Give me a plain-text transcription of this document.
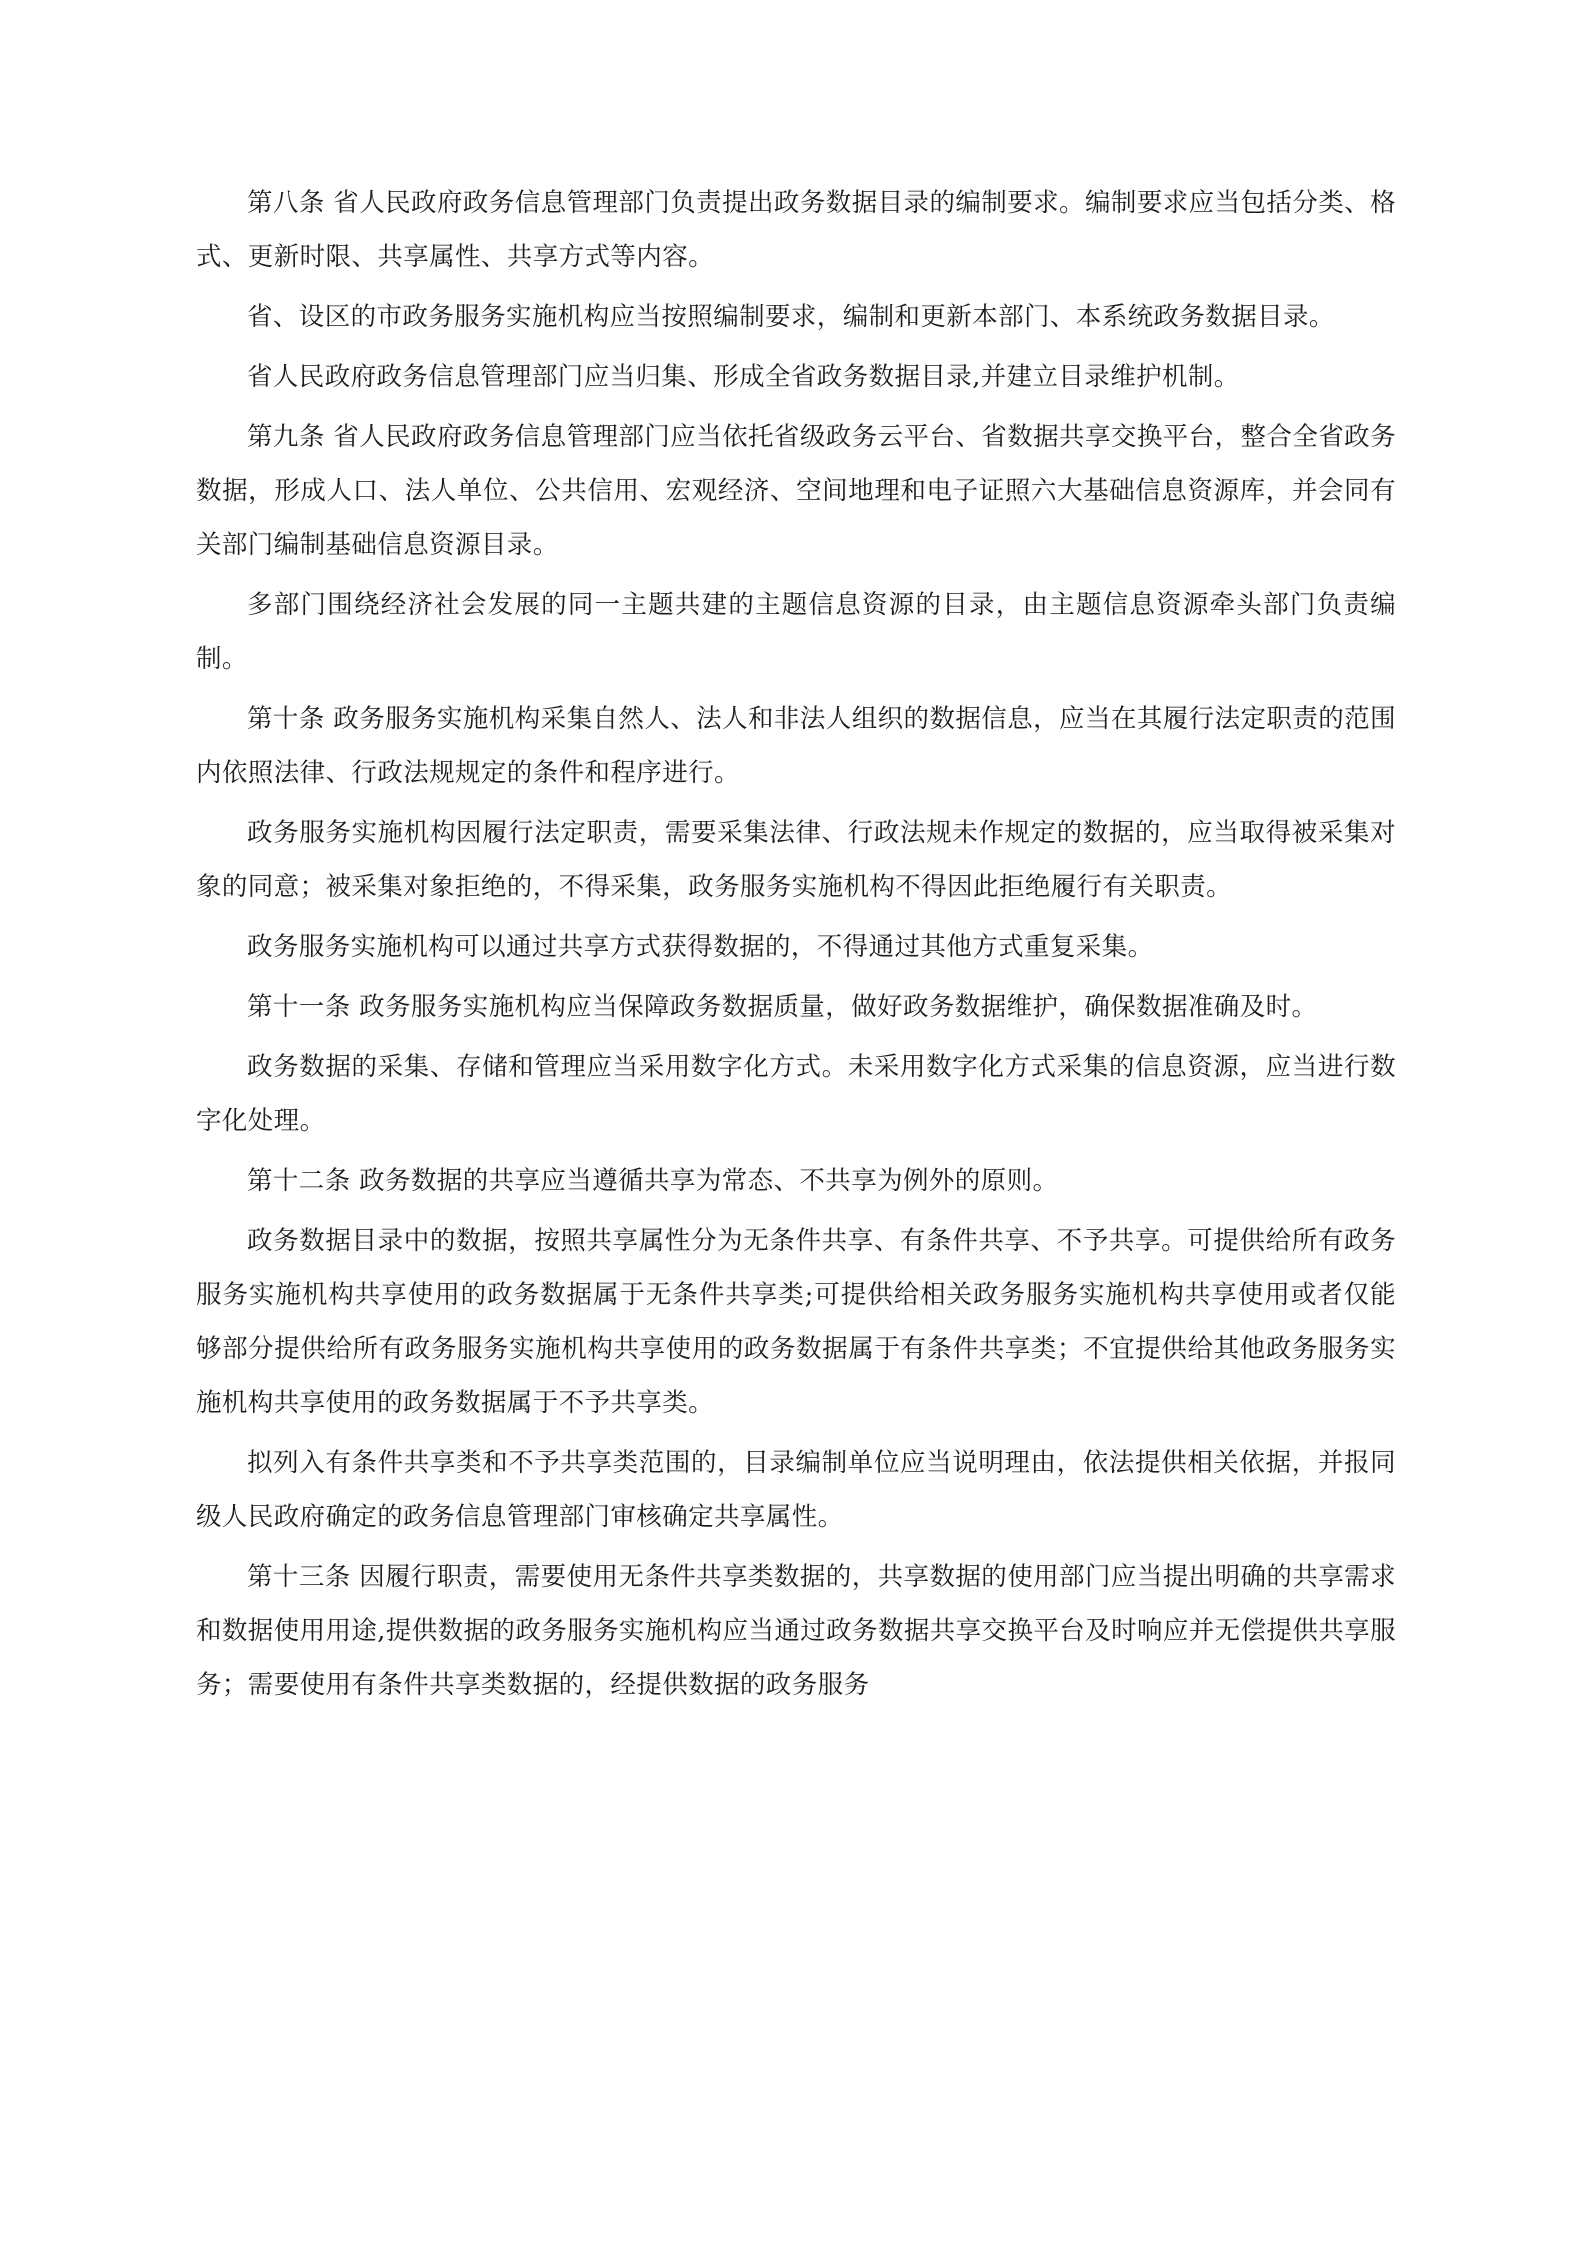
第八条 省人民政府政务信息管理部门负责提出政务数据目录的编制要求。编制要求应当包括分类、格式、更新时限、共享属性、共享方式等内容。

省、设区的市政务服务实施机构应当按照编制要求，编制和更新本部门、本系统政务数据目录。

省人民政府政务信息管理部门应当归集、形成全省政务数据目录,并建立目录维护机制。

第九条 省人民政府政务信息管理部门应当依托省级政务云平台、省数据共享交换平台，整合全省政务数据，形成人口、法人单位、公共信用、宏观经济、空间地理和电子证照六大基础信息资源库，并会同有关部门编制基础信息资源目录。

多部门围绕经济社会发展的同一主题共建的主题信息资源的目录，由主题信息资源牵头部门负责编制。

第十条 政务服务实施机构采集自然人、法人和非法人组织的数据信息，应当在其履行法定职责的范围内依照法律、行政法规规定的条件和程序进行。

政务服务实施机构因履行法定职责，需要采集法律、行政法规未作规定的数据的，应当取得被采集对象的同意；被采集对象拒绝的，不得采集，政务服务实施机构不得因此拒绝履行有关职责。

政务服务实施机构可以通过共享方式获得数据的，不得通过其他方式重复采集。

第十一条 政务服务实施机构应当保障政务数据质量，做好政务数据维护，确保数据准确及时。

政务数据的采集、存储和管理应当采用数字化方式。未采用数字化方式采集的信息资源，应当进行数字化处理。

第十二条 政务数据的共享应当遵循共享为常态、不共享为例外的原则。

政务数据目录中的数据，按照共享属性分为无条件共享、有条件共享、不予共享。可提供给所有政务服务实施机构共享使用的政务数据属于无条件共享类;可提供给相关政务服务实施机构共享使用或者仅能够部分提供给所有政务服务实施机构共享使用的政务数据属于有条件共享类；不宜提供给其他政务服务实施机构共享使用的政务数据属于不予共享类。

拟列入有条件共享类和不予共享类范围的，目录编制单位应当说明理由，依法提供相关依据，并报同级人民政府确定的政务信息管理部门审核确定共享属性。

第十三条 因履行职责，需要使用无条件共享类数据的，共享数据的使用部门应当提出明确的共享需求和数据使用用途,提供数据的政务服务实施机构应当通过政务数据共享交换平台及时响应并无偿提供共享服务；需要使用有条件共享类数据的，经提供数据的政务服务
